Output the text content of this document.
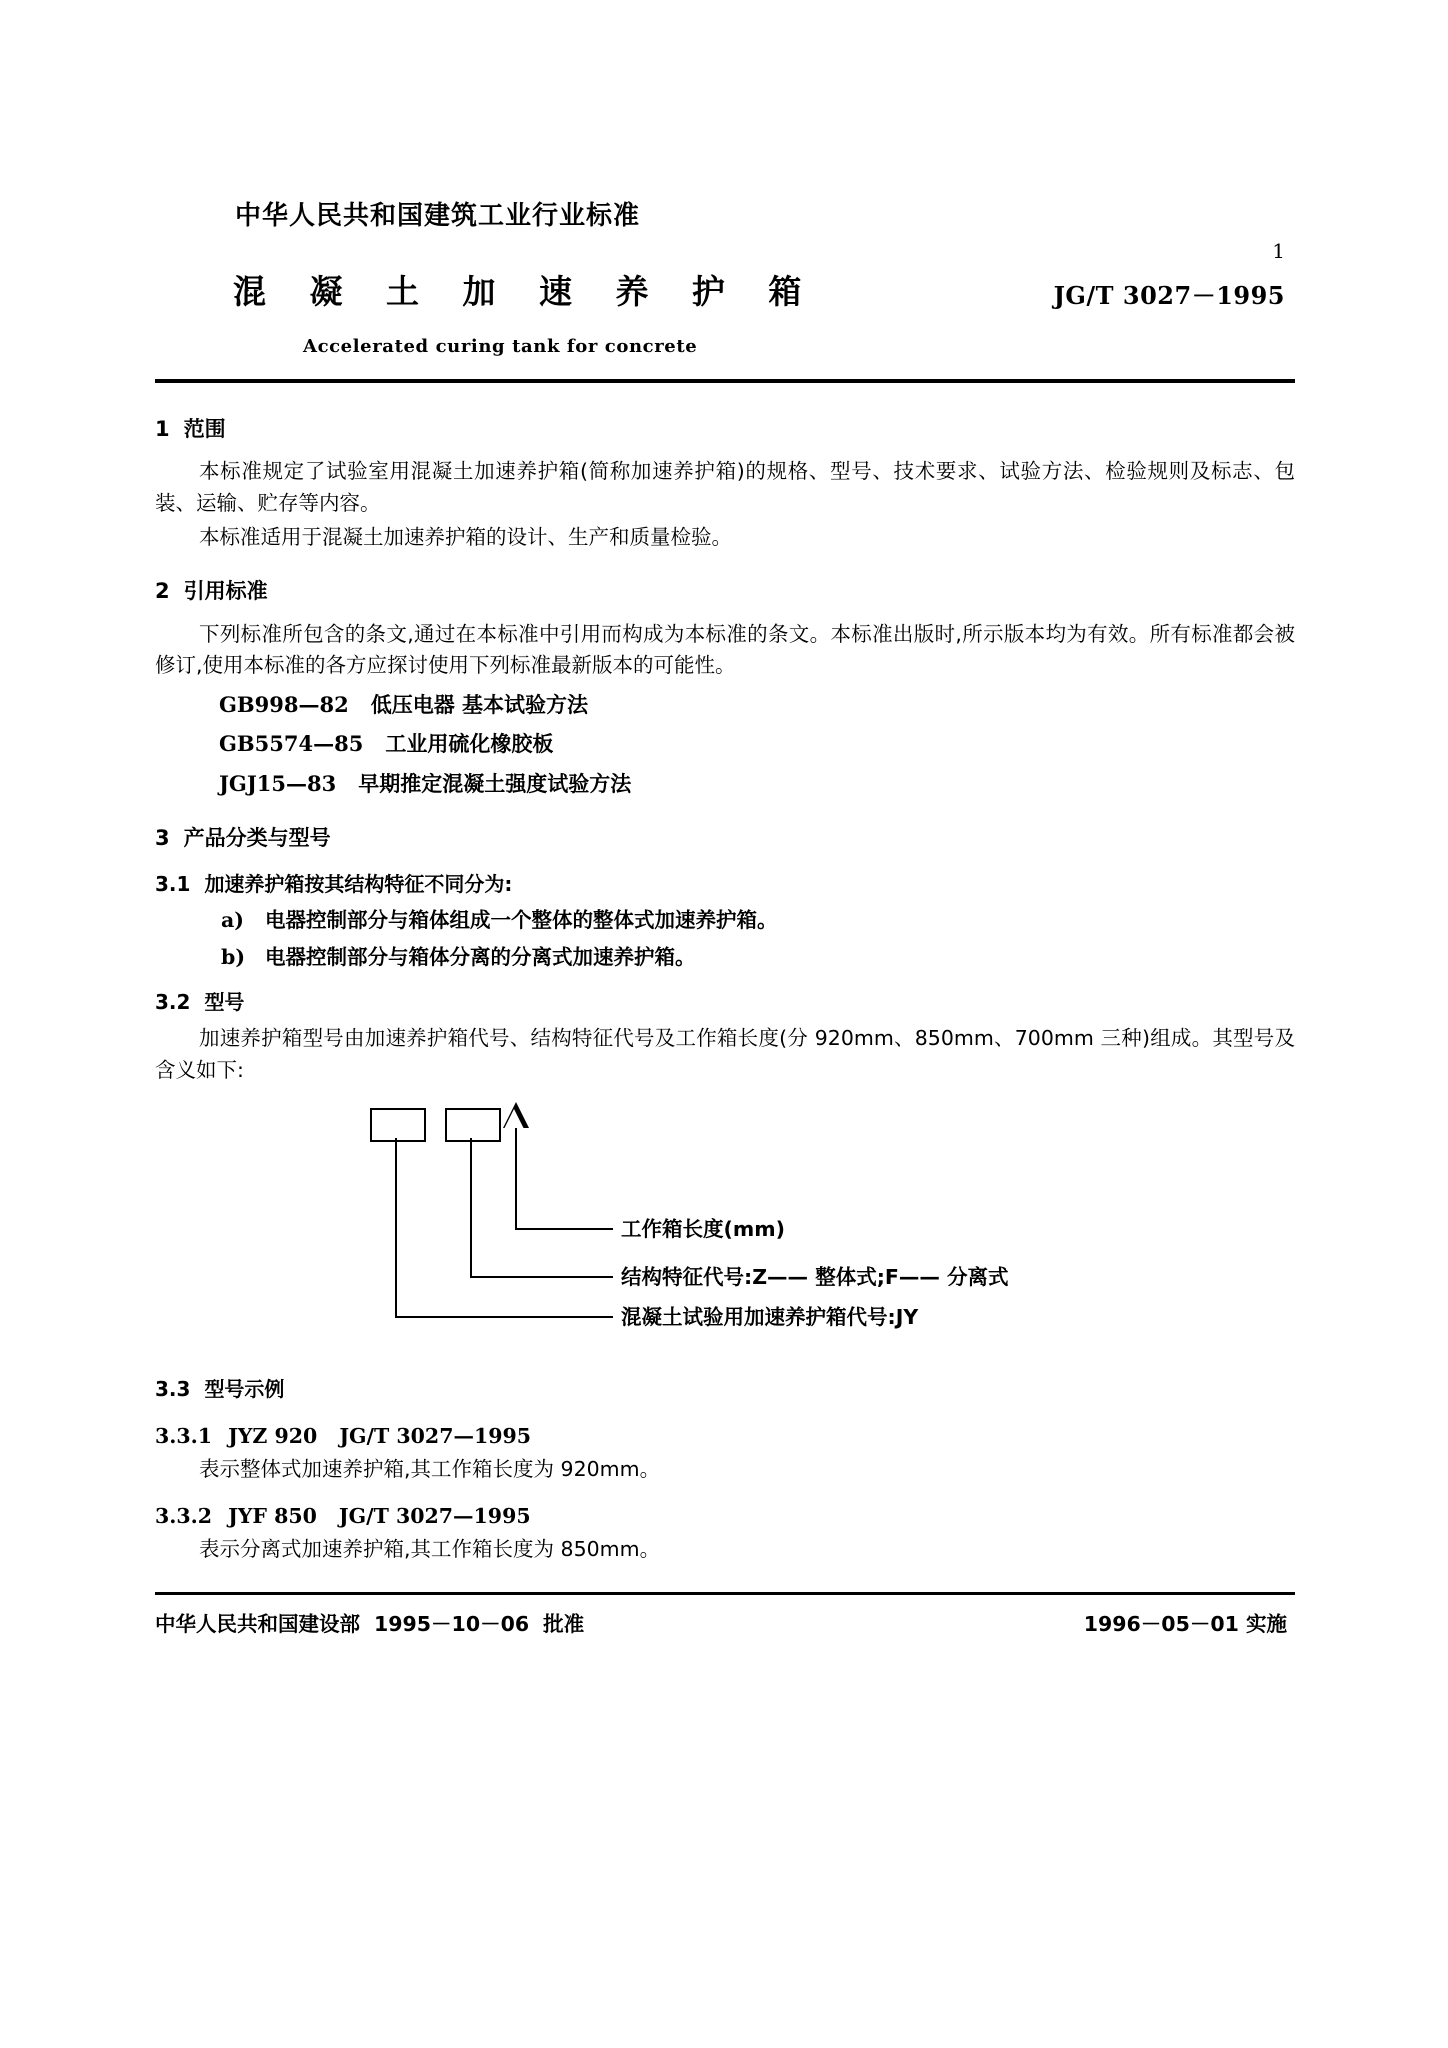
中华人民共和国建筑工业行业标准
混 凝 土 加 速 养 护 箱	JG/T 3027－1995
Accelerated curing tank for concrete
1 范围

本标准规定了试验室用混凝土加速养护箱(简称加速养护箱)的规格、型号、技术要求、试验方法、检验规则及标志、包装、运输、贮存等内容。

本标准适用于混凝土加速养护箱的设计、生产和质量检验。

2 引用标准

下列标准所包含的条文,通过在本标准中引用而构成为本标准的条文。本标准出版时,所示版本均为有效。所有标准都会被修订,使用本标准的各方应探讨使用下列标准最新版本的可能性。

GB998—82 低压电器 基本试验方法
GB5574—85 工业用硫化橡胶板
JGJ15—83 早期推定混凝土强度试验方法
3 产品分类与型号
3.1 加速养护箱按其结构特征不同分为:
a) 电器控制部分与箱体组成一个整体的整体式加速养护箱。
b) 电器控制部分与箱体分离的分离式加速养护箱。
3.2 型号

加速养护箱型号由加速养护箱代号、结构特征代号及工作箱长度(分 920mm、850mm、700mm 三种)组成。其型号及含义如下:

工作箱长度(mm)
结构特征代号:Z—— 整体式;F—— 分离式
混凝土试验用加速养护箱代号:JY
3.3 型号示例
3.3.1 JYZ 920 JG/T 3027—1995

表示整体式加速养护箱,其工作箱长度为 920mm。

3.3.2 JYF 850 JG/T 3027—1995

表示分离式加速养护箱,其工作箱长度为 850mm。

中华人民共和国建设部 1995－10－06 批准	1996－05－01 实施
1
